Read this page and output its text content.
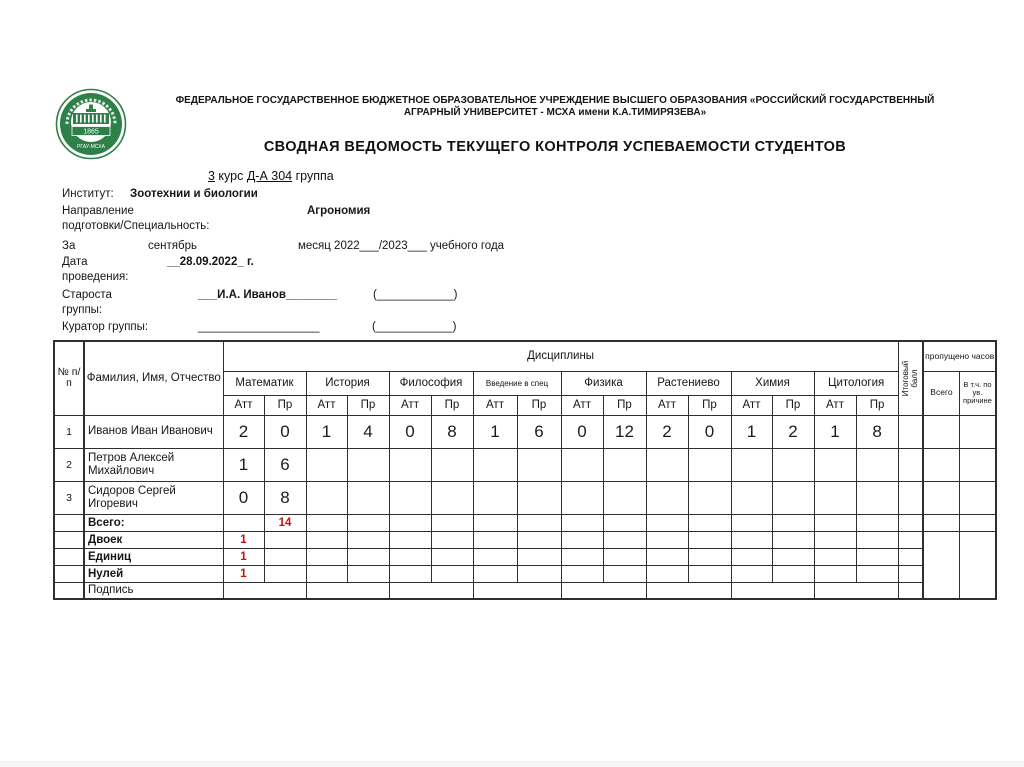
1865
РГАУ-МСХА
ФЕДЕРАЛЬНОЕ ГОСУДАРСТВЕННОЕ БЮДЖЕТНОЕ ОБРАЗОВАТЕЛЬНОЕ УЧРЕЖДЕНИЕ ВЫСШЕГО ОБРАЗОВАНИЯ «РОССИЙСКИЙ ГОСУДАРСТВЕННЫЙ
АГРАРНЫЙ УНИВЕРСИТЕТ - МСХА имени К.А.ТИМИРЯЗЕВА»
СВОДНАЯ ВЕДОМОСТЬ ТЕКУЩЕГО КОНТРОЛЯ УСПЕВАЕМОСТИ СТУДЕНТОВ
3 курс Д-А 304 группа
Институт: Зоотехнии и биологии
Направление	Агрономия
подготовки/Специальность:
За	сентябрь	месяц 2022___/2023___ учебного года
Дата	__28.09.2022_ г.
проведения:
Староста
группы:
___И.А. Иванов________	(____________)
Куратор группы:	___________________	(____________)
№ п/п	Фамилия, Имя, Отчество	Дисциплины																Итоговый балл	пропущено часов	
		Математик		История		Философия		Введение в спец		Физика		Растениево		Химия		Цитология			Всего	В т.ч. по ув. причине
		Атт	Пр	Атт	Пр	Атт	Пр	Атт	Пр	Атт	Пр	Атт	Пр	Атт	Пр	Атт	Пр			
1	Иванов Иван Иванович	2	0	1	4	0	8	1	6	0	12	2	0	1	2	1	8			
2	Петров Алексей Михайлович	1	6																	
3	Сидоров Сергей Игоревич	0	8																	
	Всего:		14																	
	Двоек	1																		
	Единиц	1																		
	Нулей	1																		
	Подпись																			
